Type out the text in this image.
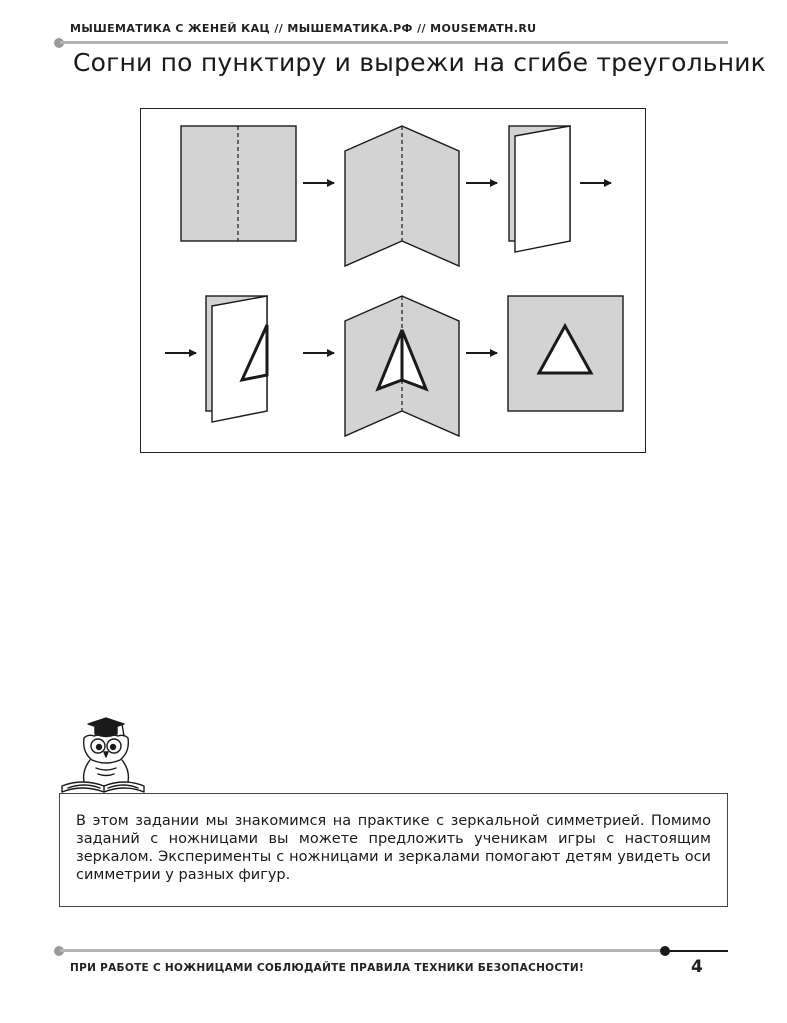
МЫШЕМАТИКА С ЖЕНЕЙ КАЦ // МЫШЕМАТИКА.РФ // MOUSEMATH.RU
Согни по пунктиру и вырежи на сгибе треугольник

В этом задании мы знакомимся на практике с зеркальной симметрией. Помимо заданий с ножницами вы можете предложить ученикам игры с настоящим зеркалом. Эксперименты с ножницами и зеркалами помогают детям увидеть оси симметрии у разных фигур.

ПРИ РАБОТЕ С НОЖНИЦАМИ СОБЛЮДАЙТЕ ПРАВИЛА ТЕХНИКИ БЕЗОПАСНОСТИ!	4
